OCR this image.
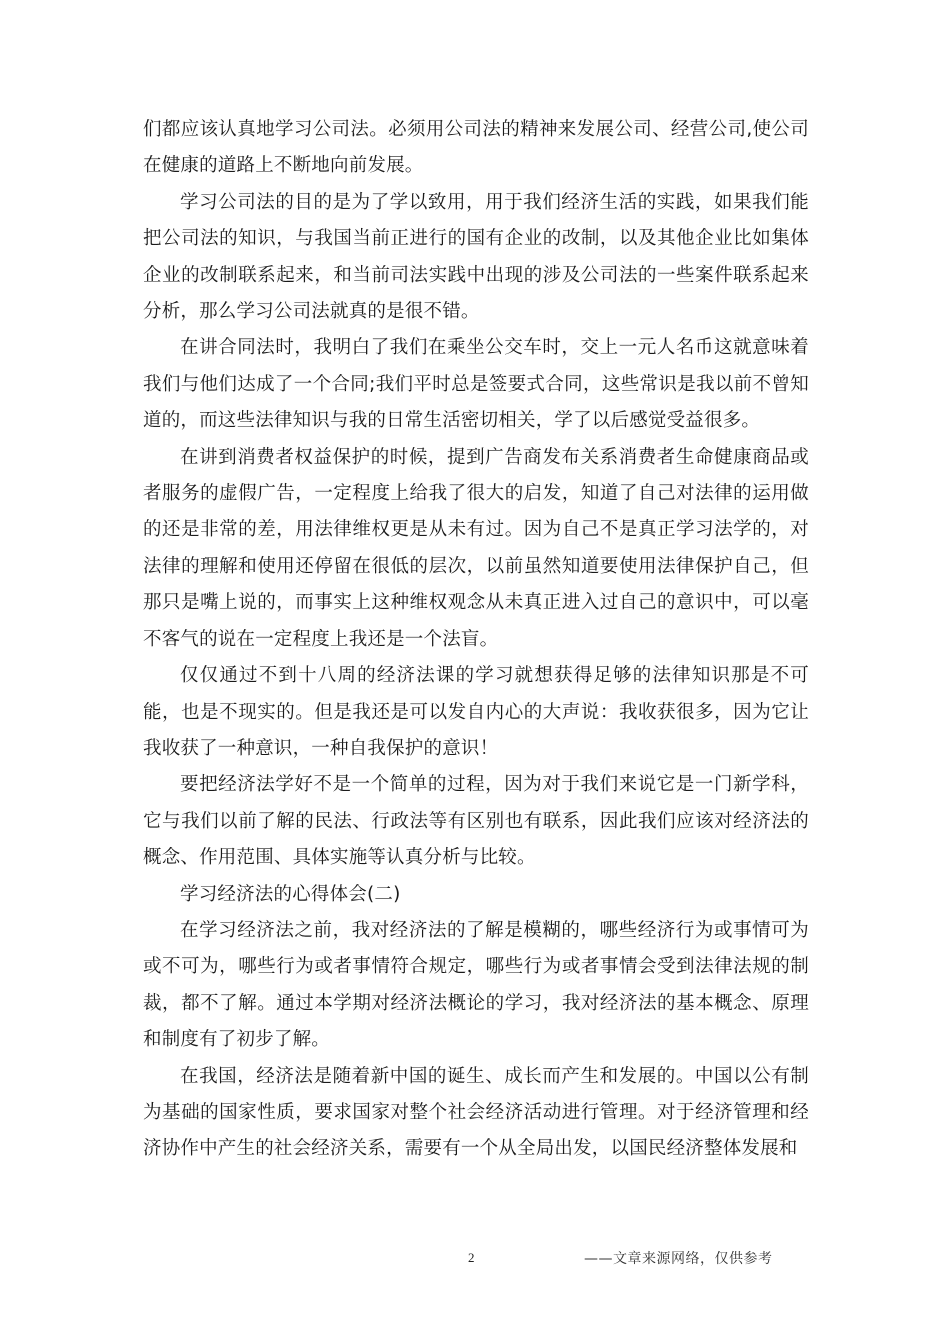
们都应该认真地学习公司法。必须用公司法的精神来发展公司、经营公司,使公司在健康的道路上不断地向前发展。

学习公司法的目的是为了学以致用，用于我们经济生活的实践，如果我们能把公司法的知识，与我国当前正进行的国有企业的改制，以及其他企业比如集体企业的改制联系起来，和当前司法实践中出现的涉及公司法的一些案件联系起来分析，那么学习公司法就真的是很不错。

在讲合同法时，我明白了我们在乘坐公交车时，交上一元人名币这就意味着我们与他们达成了一个合同;我们平时总是签要式合同，这些常识是我以前不曾知道的，而这些法律知识与我的日常生活密切相关，学了以后感觉受益很多。

在讲到消费者权益保护的时候，提到广告商发布关系消费者生命健康商品或者服务的虚假广告，一定程度上给我了很大的启发，知道了自己对法律的运用做的还是非常的差，用法律维权更是从未有过。因为自己不是真正学习法学的，对法律的理解和使用还停留在很低的层次，以前虽然知道要使用法律保护自己，但那只是嘴上说的，而事实上这种维权观念从未真正进入过自己的意识中，可以毫不客气的说在一定程度上我还是一个法盲。

仅仅通过不到十八周的经济法课的学习就想获得足够的法律知识那是不可能，也是不现实的。但是我还是可以发自内心的大声说：我收获很多，因为它让我收获了一种意识，一种自我保护的意识！

要把经济法学好不是一个简单的过程，因为对于我们来说它是一门新学科，它与我们以前了解的民法、行政法等有区别也有联系，因此我们应该对经济法的概念、作用范围、具体实施等认真分析与比较。

学习经济法的心得体会(二)

在学习经济法之前，我对经济法的了解是模糊的，哪些经济行为或事情可为或不可为，哪些行为或者事情符合规定，哪些行为或者事情会受到法律法规的制裁，都不了解。通过本学期对经济法概论的学习，我对经济法的基本概念、原理和制度有了初步了解。

在我国，经济法是随着新中国的诞生、成长而产生和发展的。中国以公有制为基础的国家性质，要求国家对整个社会经济活动进行管理。对于经济管理和经济协作中产生的社会经济关系，需要有一个从全局出发，以国民经济整体发展和

2	——文章来源网络，仅供参考
